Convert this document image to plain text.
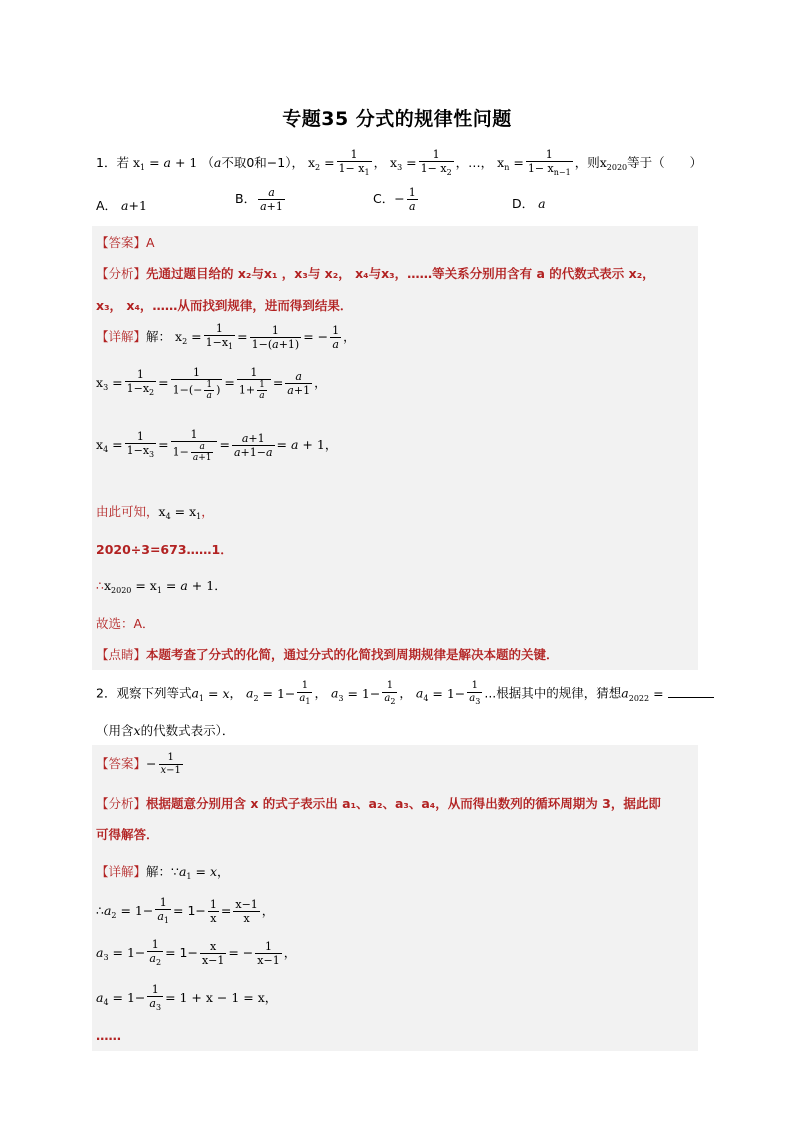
专题35 分式的规律性问题
1．若 $x_1 = a + 1$ （a不取0和−1）， $x_2 = \frac{1}{1- x_1}$ ， $x_3 = \frac{1}{1- x_2}$ ，…， $x_n = \frac{1}{1- x_{n-1}}$ ，则$x_{2020}$等于（　　）
A． a+1	B． $\frac{a}{a+1}$	C．− $\frac{1}{a}$	D． a
【答案】A
【分析】先通过题目给的 x₂与x₁ ，x₃与 x₂， x₄与x₃，……等关系分别用含有 a 的代数式表示 x₂，
x₃， x₄，……从而找到规律，进而得到结果．
【详解】解： $x_2 = \frac{1}{1-x_1} = \frac{1}{1-(a+1)}$ = − $\frac{1}{a}$ ，
$x_3 = \frac{1}{1-x_2} = \frac{1}{1-(- \frac{1}{a} )} = \frac{1}{1+ \frac{1}{a}} = \frac{a}{a+1}$ ，
$x_4 = \frac{1}{1-x_3} = \frac{1}{1- \frac{a}{a+1}} = \frac{a+1}{a+1-a} = a + 1$，
由此可知，$x_4 = x_1$，
2020÷3=673……1．
$\therefore x_{2020} = x_1 = a + 1$．
故选：A．
【点睛】本题考查了分式的化简，通过分式的化简找到周期规律是解决本题的关键．
2．观察下列等式$a_1 = x$， $a_2 = 1- \frac{1}{a_1}$ ， $a_3 = 1- \frac{1}{a_2}$ ， $a_4 = 1- \frac{1}{a_3}$ ...根据其中的规律，猜想$a_{2022}$ =
（用含x的代数式表示）．
【答案】− $\frac{1}{x-1}$
【分析】根据题意分别用含 x 的式子表示出 a₁、a₂、a₃、a₄，从而得出数列的循环周期为 3，据此即
可得解答．
【详解】解：$\because a_1 = x$，
$\therefore a_2 = 1- \frac{1}{a_1} = 1- \frac{1}{x} = \frac{x-1}{x}$ ，
$a_3 = 1- \frac{1}{a_2} = 1- \frac{x}{x-1}$ = − $\frac{1}{x-1}$ ，
$a_4 = 1- \frac{1}{a_3} = 1 + x - 1 = x$，
……
